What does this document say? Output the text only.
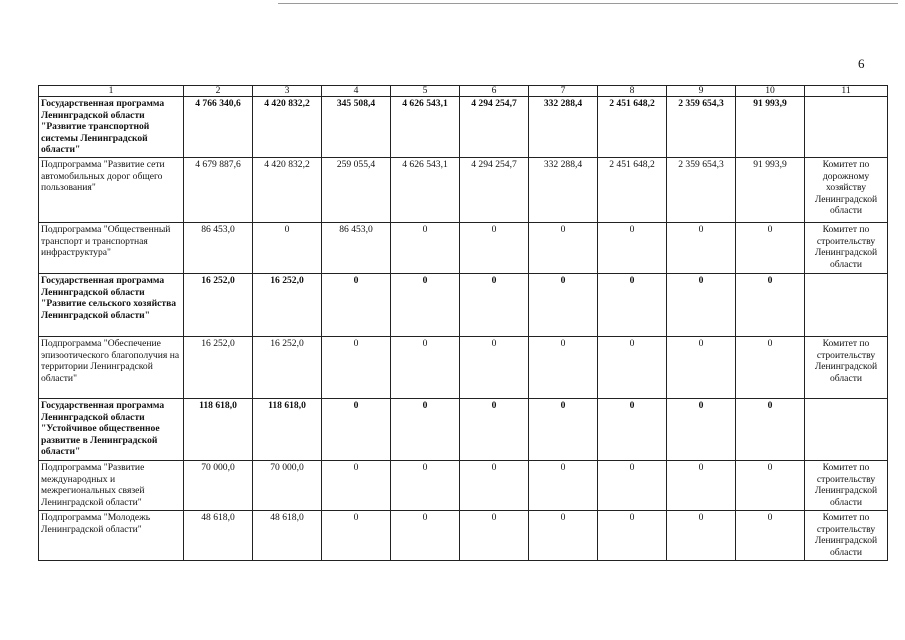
6
1	2	3	4	5	6	7	8	9	10	11
Государственная программа Ленинградской области "Развитие транспортной системы Ленинградской области"	4 766 340,6	4 420 832,2	345 508,4	4 626 543,1	4 294 254,7	332 288,4	2 451 648,2	2 359 654,3	91 993,9	
Подпрограмма "Развитие сети автомобильных дорог общего пользования"	4 679 887,6	4 420 832,2	259 055,4	4 626 543,1	4 294 254,7	332 288,4	2 451 648,2	2 359 654,3	91 993,9	Комитет по дорожному хозяйству Ленинградской области
Подпрограмма "Общественный транспорт и транспортная инфраструктура"	86 453,0	0	86 453,0	0	0	0	0	0	0	Комитет по строительству Ленинградской области
Государственная программа Ленинградской области "Развитие сельского хозяйства Ленинградской области"	16 252,0	16 252,0	0	0	0	0	0	0	0	
Подпрограмма "Обеспечение эпизоотического благополучия на территории Ленинградской области"	16 252,0	16 252,0	0	0	0	0	0	0	0	Комитет по строительству Ленинградской области
Государственная программа Ленинградской области "Устойчивое общественное развитие в Ленинградской области"	118 618,0	118 618,0	0	0	0	0	0	0	0	
Подпрограмма "Развитие международных и межрегиональных связей Ленинградской области"	70 000,0	70 000,0	0	0	0	0	0	0	0	Комитет по строительству Ленинградской области
Подпрограмма "Молодежь Ленинградской области"	48 618,0	48 618,0	0	0	0	0	0	0	0	Комитет по строительству Ленинградской области
